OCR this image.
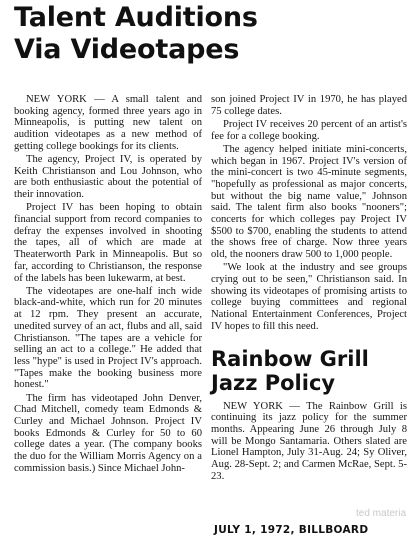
Talent Auditions
Via Videotapes

NEW YORK — A small talent and booking agency, formed three years ago in Minneapolis, is putting new talent on audition videotapes as a new method of getting college bookings for its clients.

The agency, Project IV, is operated by Keith Christianson and Lou Johnson, who are both enthusiastic about the potential of their innovation.

Project IV has been hoping to obtain financial support from record companies to defray the expenses involved in shooting the tapes, all of which are made at Theaterworth Park in Minneapolis. But so far, according to Christianson, the response of the labels has been lukewarm, at best.

The videotapes are one-half inch wide black-and-white, which run for 20 minutes at 12 rpm. They present an accurate, unedited survey of an act, flubs and all, said Christianson. "The tapes are a vehicle for selling an act to a college." He added that less "hype" is used in Project IV's approach. "Tapes make the booking business more honest."

The firm has videotaped John Denver, Chad Mitchell, comedy team Edmonds & Curley and Michael Johnson. Project IV books Edmonds & Curley for 50 to 60 college dates a year. (The company books the duo for the William Morris Agency on a commission basis.) Since Michael John-

son joined Project IV in 1970, he has played 75 college dates.

Project IV receives 20 percent of an artist's fee for a college booking.

The agency helped initiate mini-concerts, which began in 1967. Project IV's version of the mini-concert is two 45-minute segments, "hopefully as professional as major concerts, but without the big name value," Johnson said. The talent firm also books "nooners"; concerts for which colleges pay Project IV $500 to $700, enabling the students to attend the shows free of charge. Now three years old, the nooners draw 500 to 1,000 people.

"We look at the industry and see groups crying out to be seen," Christianson said. In showing its videotapes of promising artists to college buying committees and regional National Entertainment Conferences, Project IV hopes to fill this need.

Rainbow Grill
Jazz Policy

NEW YORK — The Rainbow Grill is continuing its jazz policy for the summer months. Appearing June 26 through July 8 will be Mongo Santamaria. Others slated are Lionel Hampton, July 31-Aug. 24; Sy Oliver, Aug. 28-Sept. 2; and Carmen McRae, Sept. 5-23.

JULY 1, 1972, BILLBOARD
ted materia
